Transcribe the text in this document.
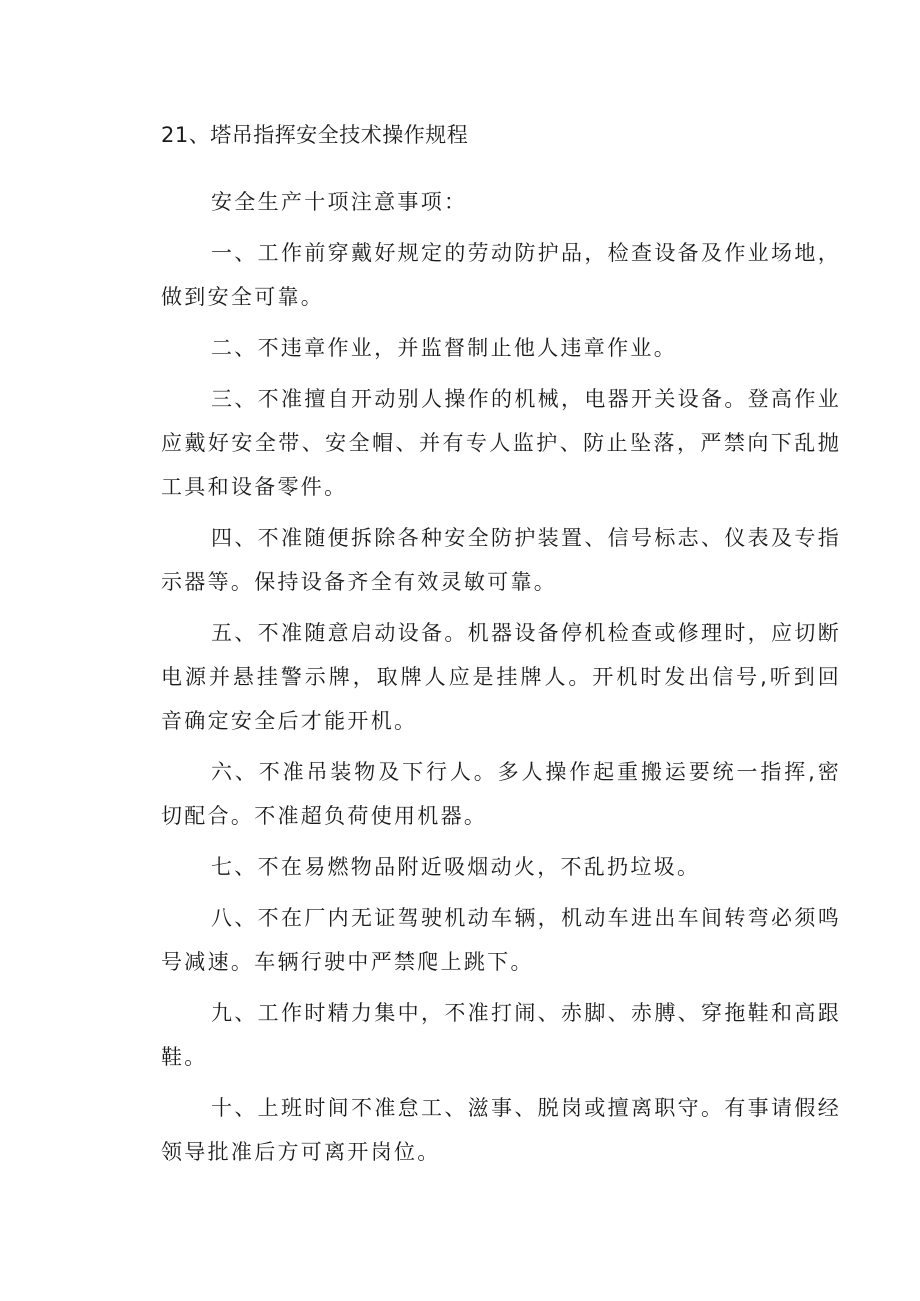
21、塔吊指挥安全技术操作规程

安全生产十项注意事项：

一、工作前穿戴好规定的劳动防护品，检查设备及作业场地，做到安全可靠。

二、不违章作业，并监督制止他人违章作业。

三、不准擅自开动别人操作的机械，电器开关设备。登高作业应戴好安全带、安全帽、并有专人监护、防止坠落，严禁向下乱抛工具和设备零件。

四、不准随便拆除各种安全防护装置、信号标志、仪表及专指示器等。保持设备齐全有效灵敏可靠。

五、不准随意启动设备。机器设备停机检查或修理时，应切断电源并悬挂警示牌，取牌人应是挂牌人。开机时发出信号,听到回音确定安全后才能开机。

六、不准吊装物及下行人。多人操作起重搬运要统一指挥,密切配合。不准超负荷使用机器。

七、不在易燃物品附近吸烟动火，不乱扔垃圾。

八、不在厂内无证驾驶机动车辆，机动车进出车间转弯必须鸣号减速。车辆行驶中严禁爬上跳下。

九、工作时精力集中，不准打闹、赤脚、赤膊、穿拖鞋和高跟鞋。

十、上班时间不准怠工、滋事、脱岗或擅离职守。有事请假经领导批准后方可离开岗位。
